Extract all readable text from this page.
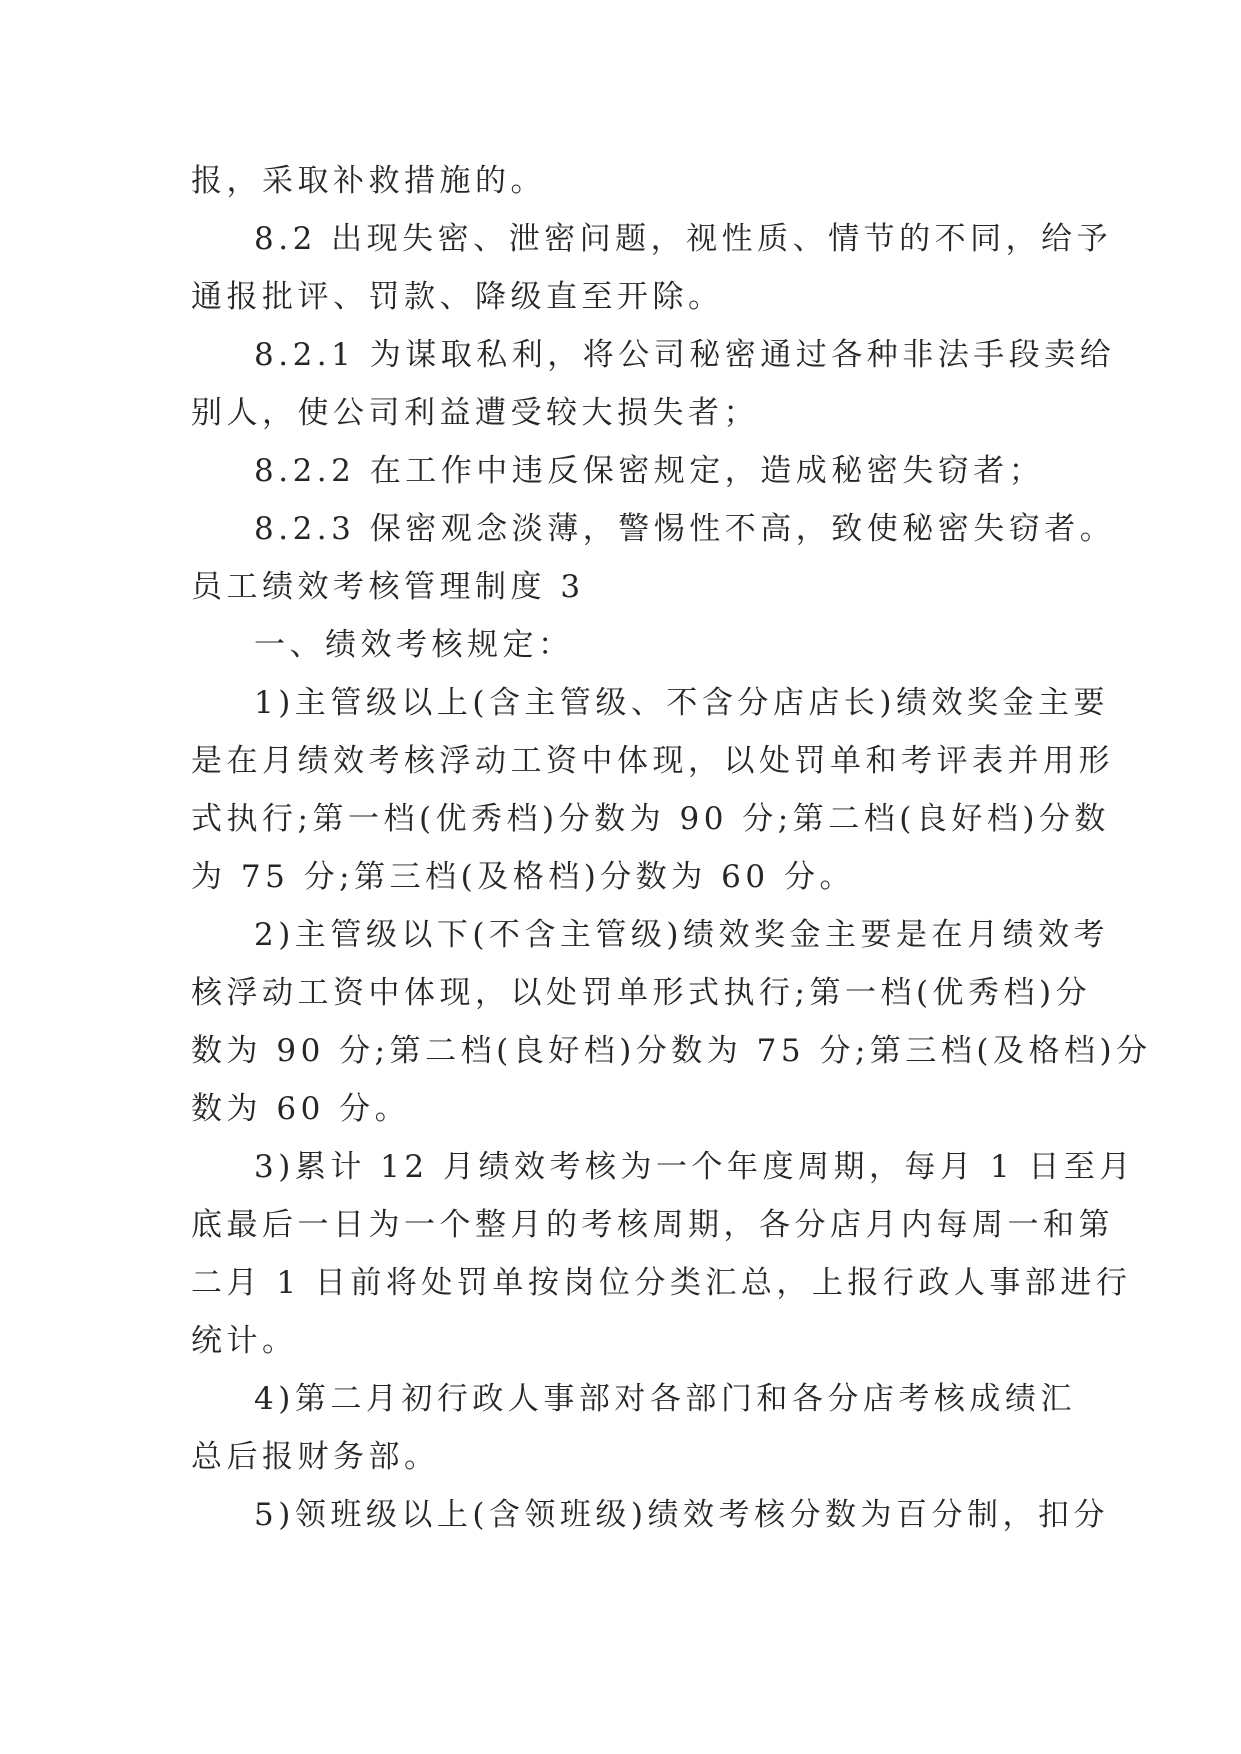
报，采取补救措施的。
8.2 出现失密、泄密问题，视性质、情节的不同，给予
通报批评、罚款、降级直至开除。
8.2.1 为谋取私利，将公司秘密通过各种非法手段卖给
别人，使公司利益遭受较大损失者；
8.2.2 在工作中违反保密规定，造成秘密失窃者；
8.2.3 保密观念淡薄，警惕性不高，致使秘密失窃者。
员工绩效考核管理制度 3
一、绩效考核规定：
1)主管级以上(含主管级、不含分店店长)绩效奖金主要
是在月绩效考核浮动工资中体现，以处罚单和考评表并用形
式执行;第一档(优秀档)分数为 90 分;第二档(良好档)分数
为 75 分;第三档(及格档)分数为 60 分。
2)主管级以下(不含主管级)绩效奖金主要是在月绩效考
核浮动工资中体现，以处罚单形式执行;第一档(优秀档)分
数为 90 分;第二档(良好档)分数为 75 分;第三档(及格档)分
数为 60 分。
3)累计 12 月绩效考核为一个年度周期，每月 1 日至月
底最后一日为一个整月的考核周期，各分店月内每周一和第
二月 1 日前将处罚单按岗位分类汇总，上报行政人事部进行
统计。
4)第二月初行政人事部对各部门和各分店考核成绩汇
总后报财务部。
5)领班级以上(含领班级)绩效考核分数为百分制，扣分
